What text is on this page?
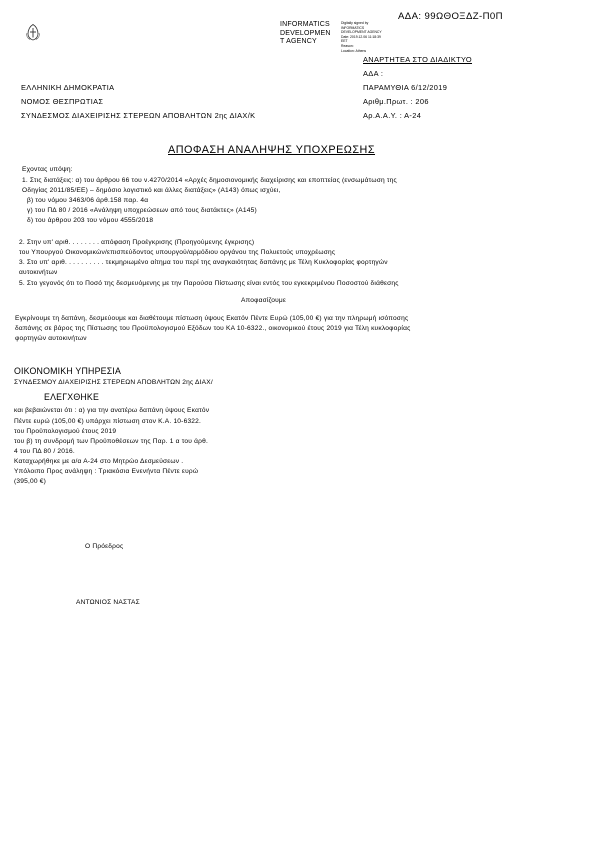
ΑΔΑ: 99ΩΘΟΞΔΖ-Π0Π
INFORMATICS
DEVELOPMEN
T AGENCY
Digitally signed by
INFORMATICS
DEVELOPMENT AGENCY
Date: 2019.12.06 11:18:39
EET
Reason:
Location: Athens
ΑΝΑΡΤΗΤΕΑ ΣΤΟ ΔΙΑΔΙΚΤΥΟ
ΑΔΑ :
ΠΑΡΑΜΥΘΙΑ 6/12/2019
Αριθμ.Πρωτ. : 206
Αρ.Α.Α.Υ. : Α-24
ΕΛΛΗΝΙΚΗ ΔΗΜΟΚΡΑΤΙΑ
ΝΟΜΟΣ ΘΕΣΠΡΩΤΙΑΣ
ΣΥΝΔΕΣΜΟΣ ΔΙΑΧΕΙΡΙΣΗΣ ΣΤΕΡΕΩΝ ΑΠΟΒΛΗΤΩΝ 2ης ΔΙΑΧ/Κ
ΑΠΟΦΑΣΗ ΑΝΑΛΗΨΗΣ ΥΠΟΧΡΕΩΣΗΣ
Εχοντας υπόψη:
1. Στις διατάξεις: α) του άρθρου 66 του ν.4270/2014 «Αρχές δημοσιονομικής διαχείρισης και εποπτείας (ενσωμάτωση της
Οδηγίας 2011/85/ΕΕ) – δημόσιο λογιστικό και άλλες διατάξεις» (Α143) όπως ισχύει,
β) του νόμου 3463/06 άρθ.158 παρ. 4α
γ) του ΠΔ 80 / 2016 «Ανάληψη υποχρεώσεων από τους διατάκτες» (Α145)
δ) του άρθρου 203 του νόμου 4555/2018
2. Στην υπ' αριθ. . . . . . . . απόφαση Προέγκρισης (Προηγούμενης έγκρισης)
του Υπουργού Οικονομικών/επισπεύδοντος υπουργού/αρμόδιου οργάνου της Πολυετούς υποχρέωσης
3. Στο υπ' αριθ. . . . . . . . . . τεκμηριωμένο αίτημα του περί της αναγκαιότητας δαπάνης με Τέλη Κυκλοφορίας φορτηγών
αυτοκινήτων
5. Στο γεγονός ότι το Ποσό της δεσμευόμενης με την Παρούσα Πίστωσης είναι εντός του εγκεκριμένου Ποσοστού διάθεσης
Αποφασίζουμε
Εγκρίνουμε τη δαπάνη, δεσμεύουμε και διαθέτουμε πίστωση ύψους Εκατόν Πέντε Ευρώ (105,00 €) για την πληρωμή ισόποσης
δαπάνης σε βάρος της Πίστωσης του Προϋπολογισμού Εξόδων του ΚΑ 10-6322., οικονομικού έτους 2019 για Τέλη κυκλοφορίας
φορτηγών αυτοκινήτων
ΟΙΚΟΝΟΜΙΚΗ ΥΠΗΡΕΣΙΑ
ΣΥΝΔΕΣΜΟΥ ΔΙΑΧΕΙΡΙΣΗΣ ΣΤΕΡΕΩΝ ΑΠΟΒΛΗΤΩΝ 2ης ΔΙΑΧ/
ΕΛΕΓΧΘΗΚΕ
και βεβαιώνεται ότι : α) για την ανατέρω δαπάνη ύψους Εκατόν
Πέντε ευρώ (105,00 €) υπάρχει πίστωση στον Κ.Α. 10-6322.
του Προϋπολογισμού έτους 2019
του β) τη συνδρομή των Προϋποθέσεων της Παρ. 1 α του άρθ.
4 του ΠΔ 80 / 2016.
Καταχωρήθηκε με α/α Α-24 στο Μητρώο Δεσμεύσεων .
Υπόλοιπο Προς ανάληψη : Τριακόσια Ενενήντα Πέντε ευρώ
(395,00 €)
Ο Πρόεδρος
ΑΝΤΩΝΙΟΣ ΝΑΣΤΑΣ
